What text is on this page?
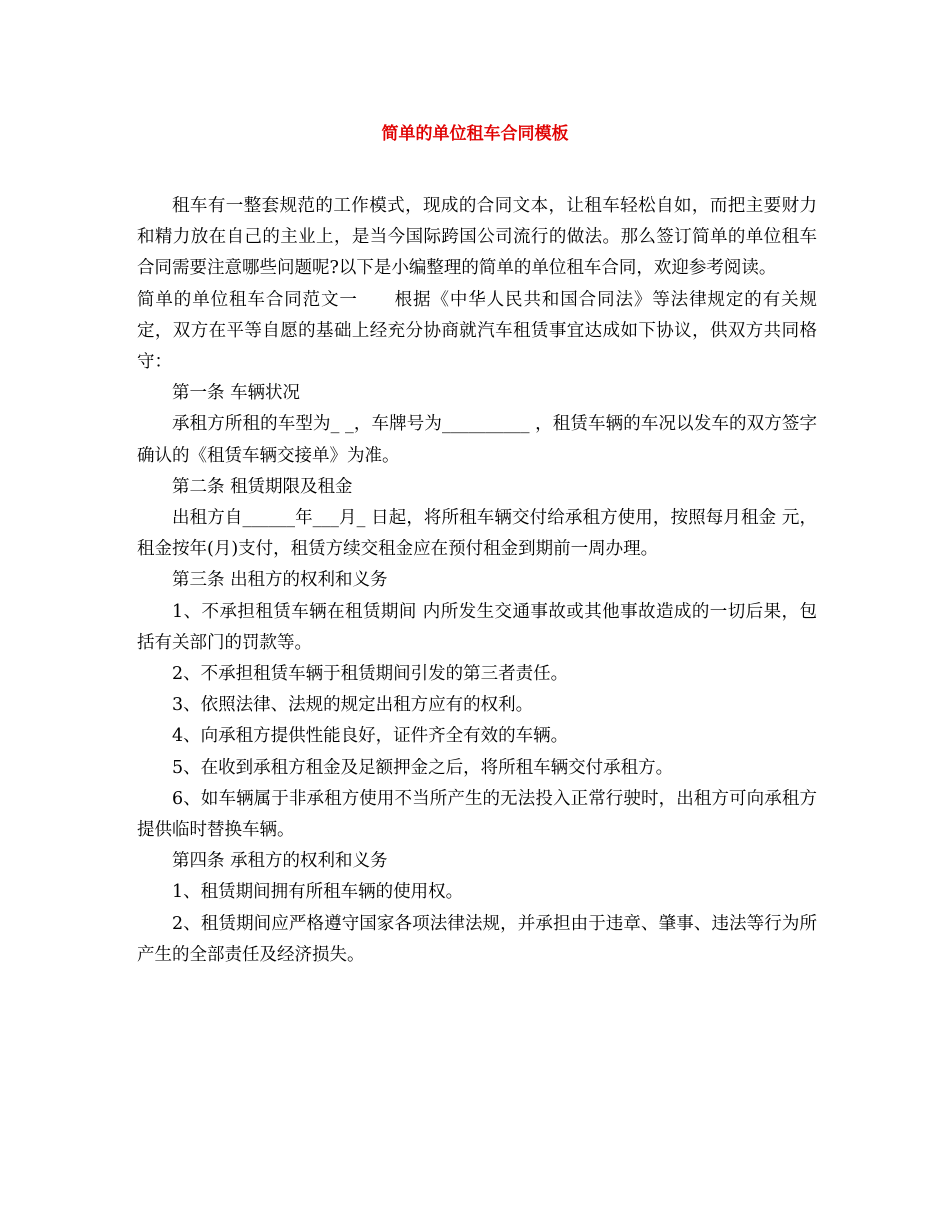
简单的单位租车合同模板

租车有一整套规范的工作模式，现成的合同文本，让租车轻松自如，而把主要财力和精力放在自己的主业上，是当今国际跨国公司流行的做法。那么签订简单的单位租车合同需要注意哪些问题呢?以下是小编整理的简单的单位租车合同，欢迎参考阅读。

简单的单位租车合同范文一　　根据《中华人民共和国合同法》等法律规定的有关规定，双方在平等自愿的基础上经充分协商就汽车租赁事宜达成如下协议，供双方共同格守：

第一条 车辆状况

承租方所租的车型为_ _，车牌号为__________ ，租赁车辆的车况以发车的双方签字确认的《租赁车辆交接单》为准。

第二条 租赁期限及租金

出租方自______年___月_ 日起，将所租车辆交付给承租方使用，按照每月租金 元，租金按年(月)支付，租赁方续交租金应在预付租金到期前一周办理。

第三条 出租方的权利和义务

1、不承担租赁车辆在租赁期间 内所发生交通事故或其他事故造成的一切后果，包括有关部门的罚款等。

2、不承担租赁车辆于租赁期间引发的第三者责任。

3、依照法律、法规的规定出租方应有的权利。

4、向承租方提供性能良好，证件齐全有效的车辆。

5、在收到承租方租金及足额押金之后，将所租车辆交付承租方。

6、如车辆属于非承租方使用不当所产生的无法投入正常行驶时，出租方可向承租方提供临时替换车辆。

第四条 承租方的权利和义务

1、租赁期间拥有所租车辆的使用权。

2、租赁期间应严格遵守国家各项法律法规，并承担由于违章、肇事、违法等行为所产生的全部责任及经济损失。
